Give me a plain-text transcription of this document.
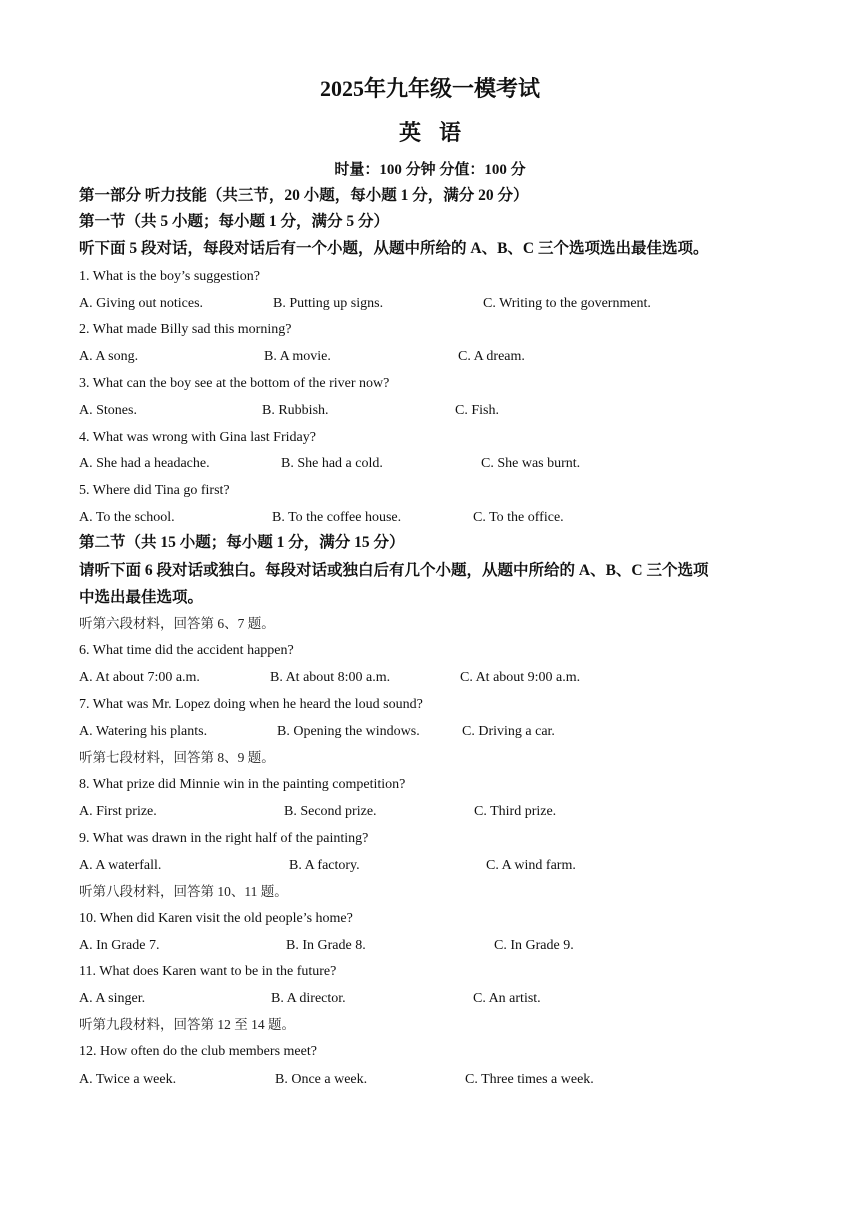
2025年九年级一模考试
英语
时量：100 分钟 分值：100 分
第一部分 听力技能（共三节，20 小题，每小题 1 分，满分 20 分）
第一节（共 5 小题；每小题 1 分，满分 5 分）
听下面 5 段对话，每段对话后有一个小题，从题中所给的 A、B、C 三个选项选出最佳选项。
1. What is the boy’s suggestion?
A. Giving out notices.	B. Putting up signs.	C. Writing to the government.
2. What made Billy sad this morning?
A. A song.	B. A movie.	C. A dream.
3. What can the boy see at the bottom of the river now?
A. Stones.	B. Rubbish.	C. Fish.
4. What was wrong with Gina last Friday?
A. She had a headache.	B. She had a cold.	C. She was burnt.
5. Where did Tina go first?
A. To the school.	B. To the coffee house.	C. To the office.
第二节（共 15 小题；每小题 1 分，满分 15 分）
请听下面 6 段对话或独白。每段对话或独白后有几个小题，从题中所给的 A、B、C 三个选项
中选出最佳选项。
听第六段材料，回答第 6、7 题。
6. What time did the accident happen?
A. At about 7:00 a.m.	B. At about 8:00 a.m.	C. At about 9:00 a.m.
7. What was Mr. Lopez doing when he heard the loud sound?
A. Watering his plants.	B. Opening the windows.	C. Driving a car.
听第七段材料，回答第 8、9 题。
8. What prize did Minnie win in the painting competition?
A. First prize.	B. Second prize.	C. Third prize.
9. What was drawn in the right half of the painting?
A. A waterfall.	B. A factory.	C. A wind farm.
听第八段材料，回答第 10、11 题。
10. When did Karen visit the old people’s home?
A. In Grade 7.	B. In Grade 8.	C. In Grade 9.
11. What does Karen want to be in the future?
A. A singer.	B. A director.	C. An artist.
听第九段材料，回答第 12 至 14 题。
12. How often do the club members meet?
A. Twice a week.	B. Once a week.	C. Three times a week.
